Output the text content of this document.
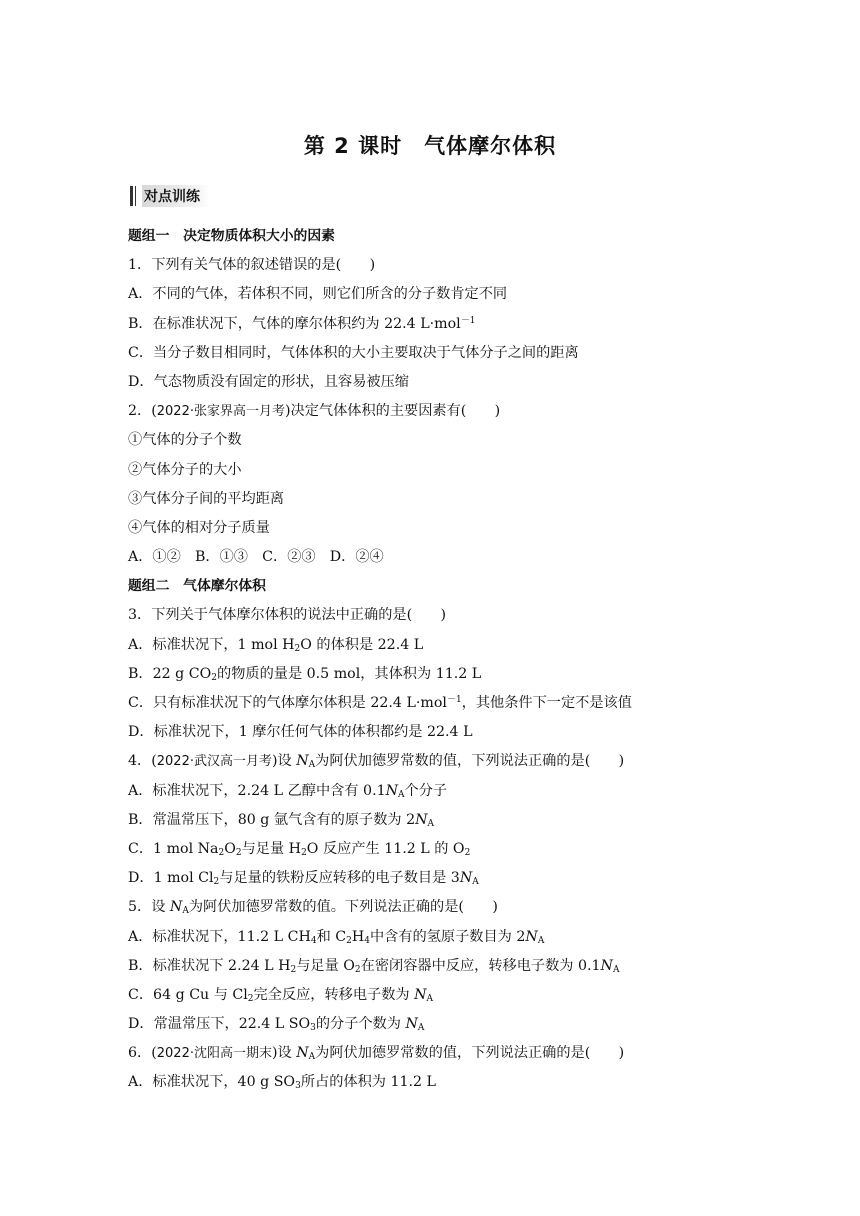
第 2 课时　气体摩尔体积
对点训练
题组一　决定物质体积大小的因素
1．下列有关气体的叙述错误的是(　　)
A．不同的气体，若体积不同，则它们所含的分子数肯定不同
B．在标准状况下，气体的摩尔体积约为 22.4 L·mol$^{-1}$
C．当分子数目相同时，气体体积的大小主要取决于气体分子之间的距离
D．气态物质没有固定的形状，且容易被压缩
2．(2022·张家界高一月考)决定气体体积的主要因素有(　　)
①气体的分子个数
②气体分子的大小
③气体分子间的平均距离
④气体的相对分子质量
A．①②　B．①③　C．②③　D．②④
题组二　气体摩尔体积
3．下列关于气体摩尔体积的说法中正确的是(　　)
A．标准状况下，1 mol $H_2O$ 的体积是 22.4 L
B．22 g $CO_2$的物质的量是 0.5 mol，其体积为 11.2 L
C．只有标准状况下的气体摩尔体积是 22.4 L·mol$^{-1}$，其他条件下一定不是该值
D．标准状况下，1 摩尔任何气体的体积都约是 22.4 L
4．(2022·武汉高一月考)设 $N_A$为阿伏加德罗常数的值，下列说法正确的是(　　)
A．标准状况下，2.24 L 乙醇中含有 $0.1N_A$个分子
B．常温常压下，80 g 氩气含有的原子数为 $2N_A$
C．1 mol $Na_2O_2$与足量 $H_2O$ 反应产生 11.2 L 的 $O_2$
D．1 mol $Cl_2$与足量的铁粉反应转移的电子数目是 $3N_A$
5．设 $N_A$为阿伏加德罗常数的值。下列说法正确的是(　　)
A．标准状况下，11.2 L $CH_4$和 $C_2H_4$中含有的氢原子数目为 $2N_A$
B．标准状况下 2.24 L $H_2$与足量 $O_2$在密闭容器中反应，转移电子数为 $0.1N_A$
C．64 g Cu 与 $Cl_2$完全反应，转移电子数为 $N_A$
D．常温常压下，22.4 L $SO_3$的分子个数为 $N_A$
6．(2022·沈阳高一期末)设 $N_A$为阿伏加德罗常数的值，下列说法正确的是(　　)
A．标准状况下，40 g $SO_3$所占的体积为 11.2 L
